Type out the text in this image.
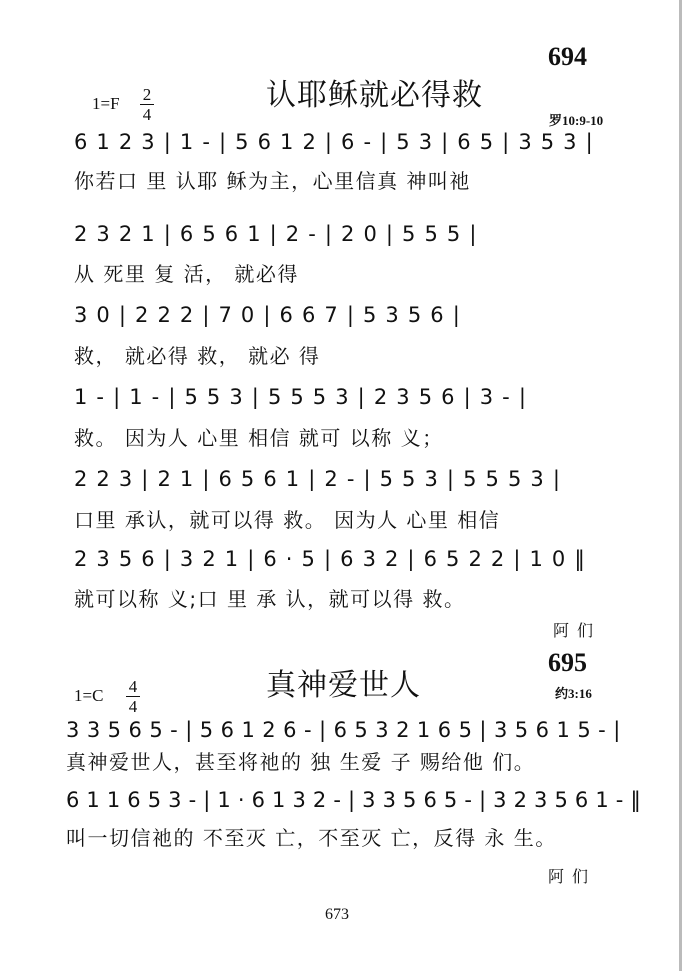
694
认耶稣就必得救
1=F 2
4	罗10:9-10
6 1 2 3 | 1 - | 5 6 1 2 | 6 - | 5 3 | 6 5 | 3 5 3 |
你若口 里 认耶 稣为主，心里信真 神叫祂
2 3 2 1 | 6 5 6 1 | 2 - | 2 0 | 5 5 5 |
从 死里 复 活， 就必得
3 0 | 2 2 2 | 7 0 | 6 6 7 | 5 3 5 6 |
救， 就必得 救， 就必 得
1 - | 1 - | 5 5 3 | 5 5 5 3 | 2 3 5 6 | 3 - |
救。 因为人 心里 相信 就可 以称 义；
2 2 3 | 2 1 | 6 5 6 1 | 2 - | 5 5 3 | 5 5 5 3 |
口里 承认，就可以得 救。 因为人 心里 相信
2 3 5 6 | 3 2 1 | 6 · 5 | 6 3 2 | 6 5 2 2 | 1 0 ‖
就可以称 义;口 里 承 认，就可以得 救。
阿们
695
真神爱世人
1=C 4
4
约3:16
3 3 5 6 5 - | 5 6 1 2 6 - | 6 5 3 2 1 6 5 | 3 5 6 1 5 - |
真神爱世人，甚至将祂的 独 生爱 子 赐给他 们。
6 1 1 6 5 3 - | 1 · 6 1 3 2 - | 3 3 5 6 5 - | 3 2 3 5 6 1 - ‖
叫一切信祂的 不至灭 亡，不至灭 亡，反得 永 生。
阿们
673
